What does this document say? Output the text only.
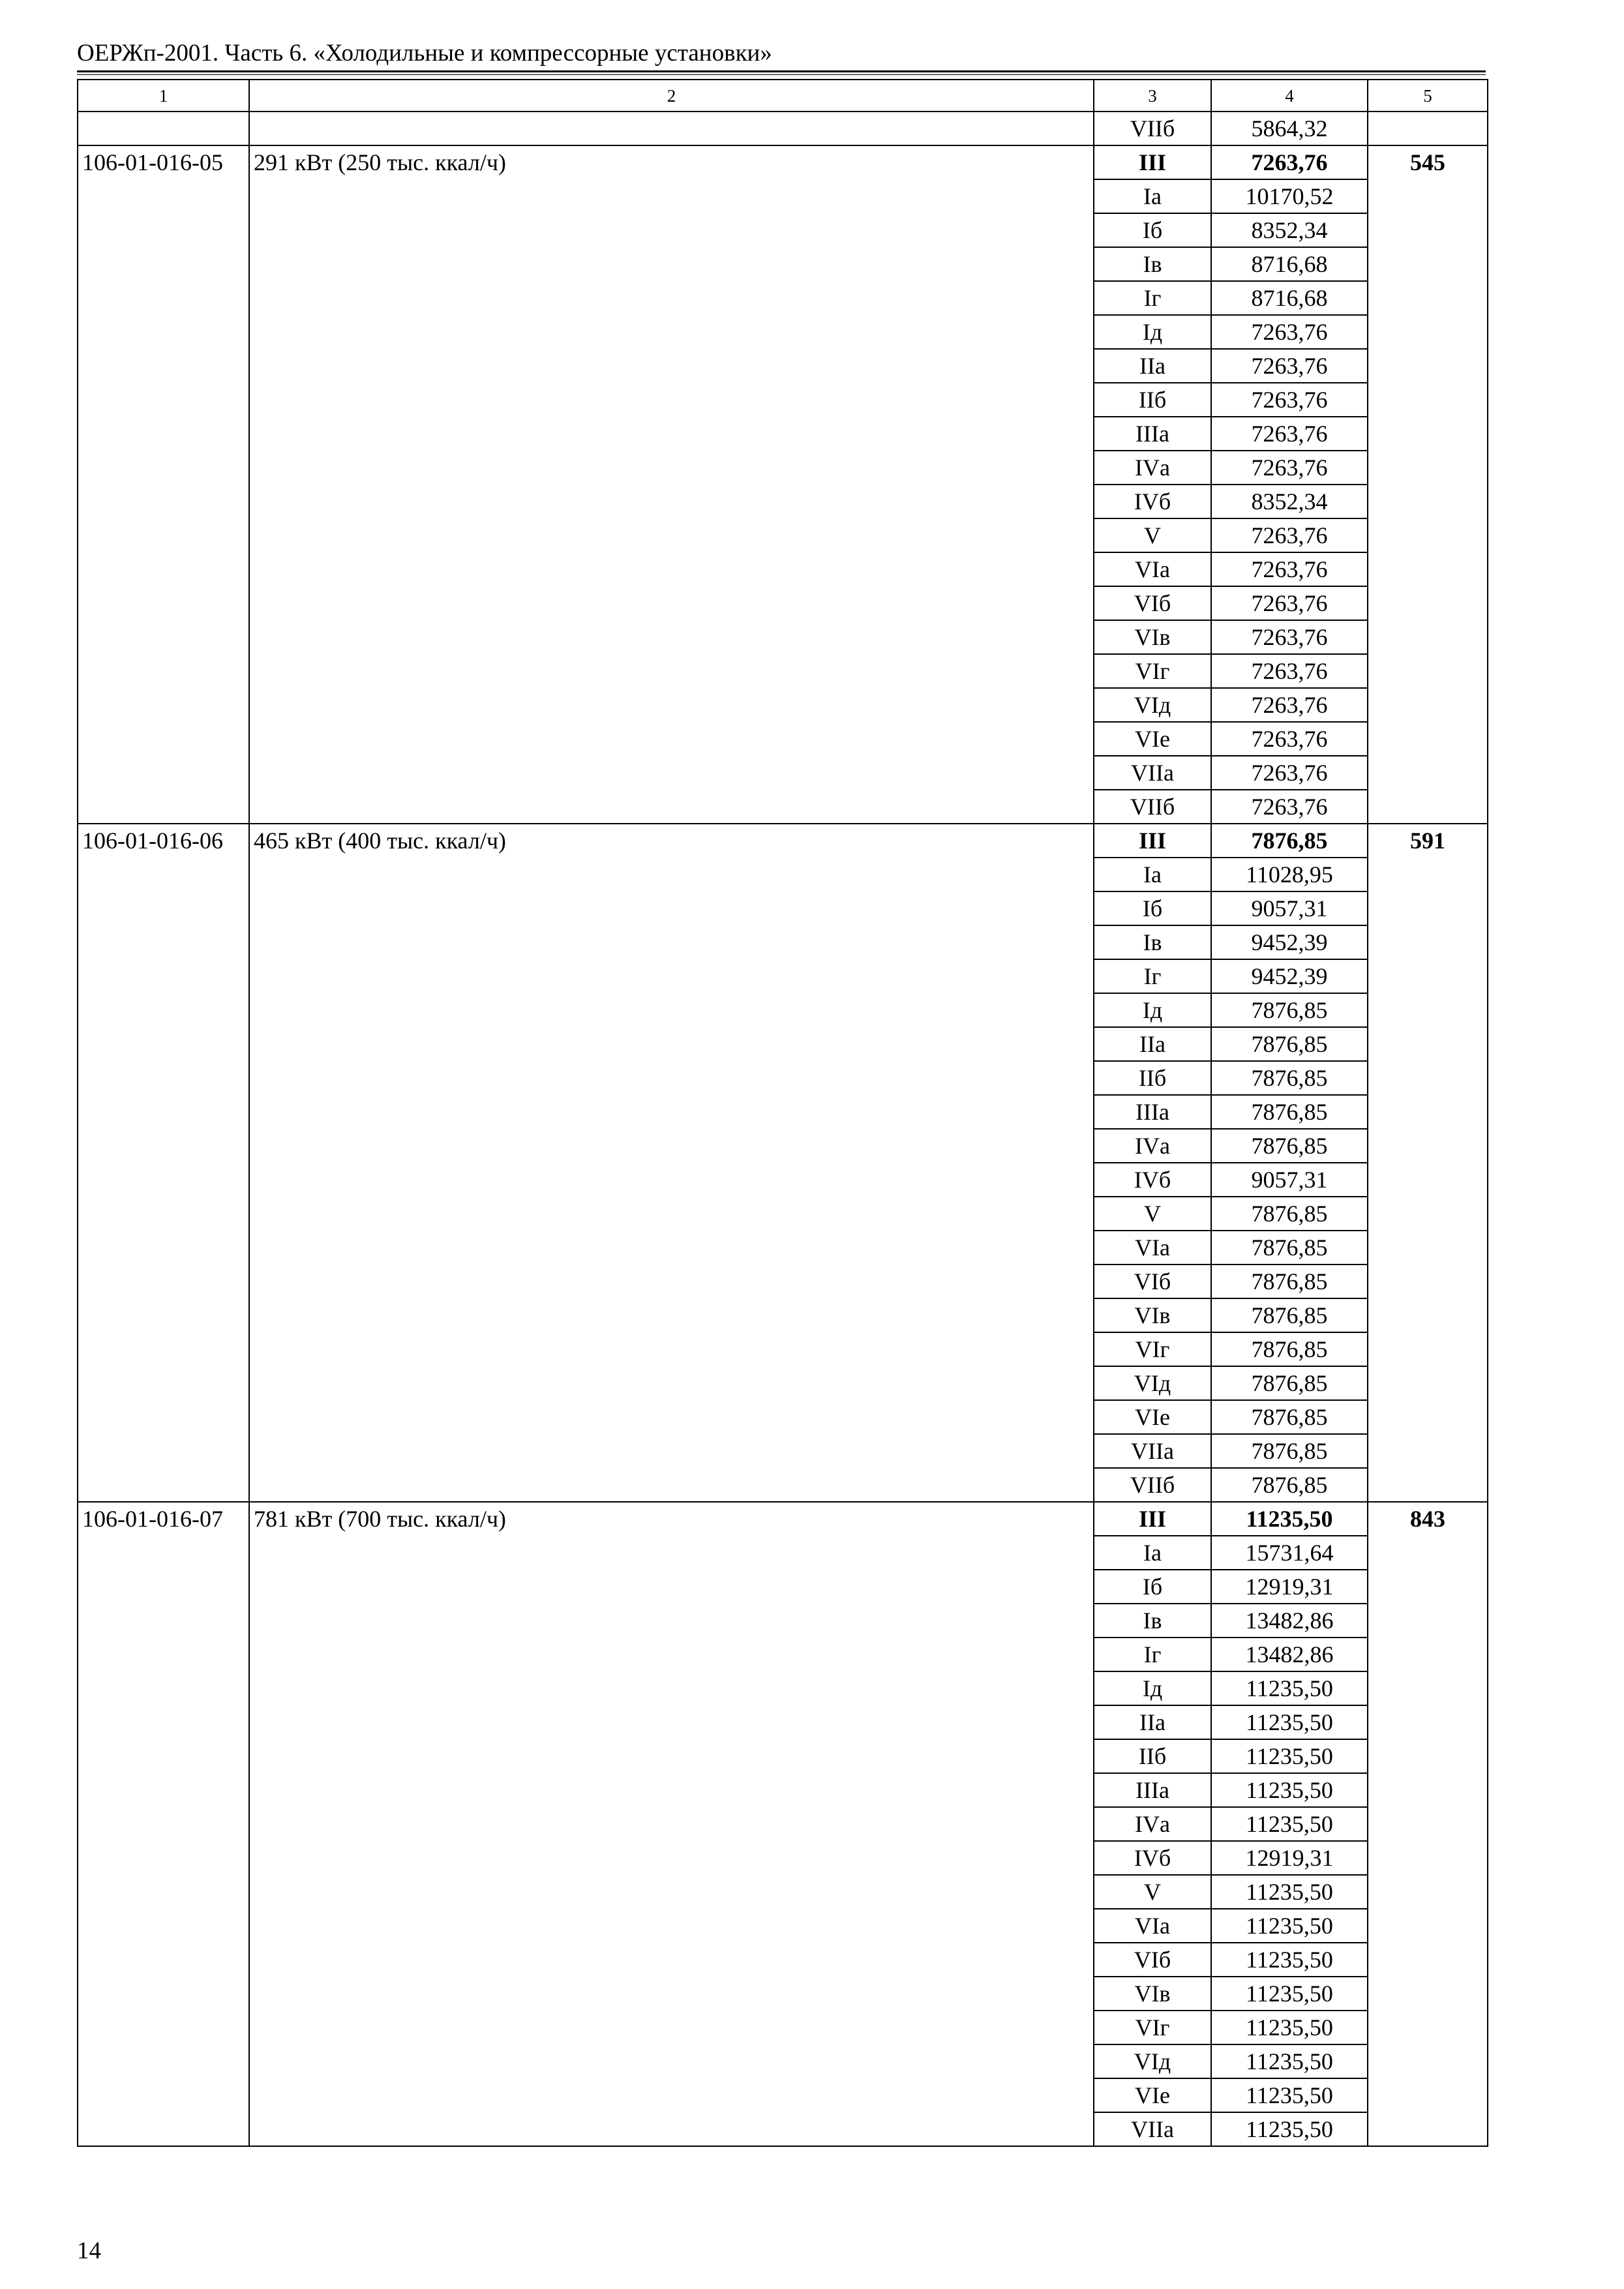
ОЕРЖп-2001. Часть 6. «Холодильные и компрессорные установки»
1	2	3	4	5
		VIIб	5864,32	
106-01-016-05	291 кВт (250 тыс. ккал/ч)	III	7263,76	545
		Iа	10170,52	
		Iб	8352,34	
		Iв	8716,68	
		Iг	8716,68	
		Iд	7263,76	
		IIа	7263,76	
		IIб	7263,76	
		IIIа	7263,76	
		IVа	7263,76	
		IVб	8352,34	
		V	7263,76	
		VIа	7263,76	
		VIб	7263,76	
		VIв	7263,76	
		VIг	7263,76	
		VIд	7263,76	
		VIе	7263,76	
		VIIа	7263,76	
		VIIб	7263,76	
106-01-016-06	465 кВт (400 тыс. ккал/ч)	III	7876,85	591
		Iа	11028,95	
		Iб	9057,31	
		Iв	9452,39	
		Iг	9452,39	
		Iд	7876,85	
		IIа	7876,85	
		IIб	7876,85	
		IIIа	7876,85	
		IVа	7876,85	
		IVб	9057,31	
		V	7876,85	
		VIа	7876,85	
		VIб	7876,85	
		VIв	7876,85	
		VIг	7876,85	
		VIд	7876,85	
		VIе	7876,85	
		VIIа	7876,85	
		VIIб	7876,85	
106-01-016-07	781 кВт (700 тыс. ккал/ч)	III	11235,50	843
		Iа	15731,64	
		Iб	12919,31	
		Iв	13482,86	
		Iг	13482,86	
		Iд	11235,50	
		IIа	11235,50	
		IIб	11235,50	
		IIIа	11235,50	
		IVа	11235,50	
		IVб	12919,31	
		V	11235,50	
		VIа	11235,50	
		VIб	11235,50	
		VIв	11235,50	
		VIг	11235,50	
		VIд	11235,50	
		VIе	11235,50	
		VIIа	11235,50	
14
